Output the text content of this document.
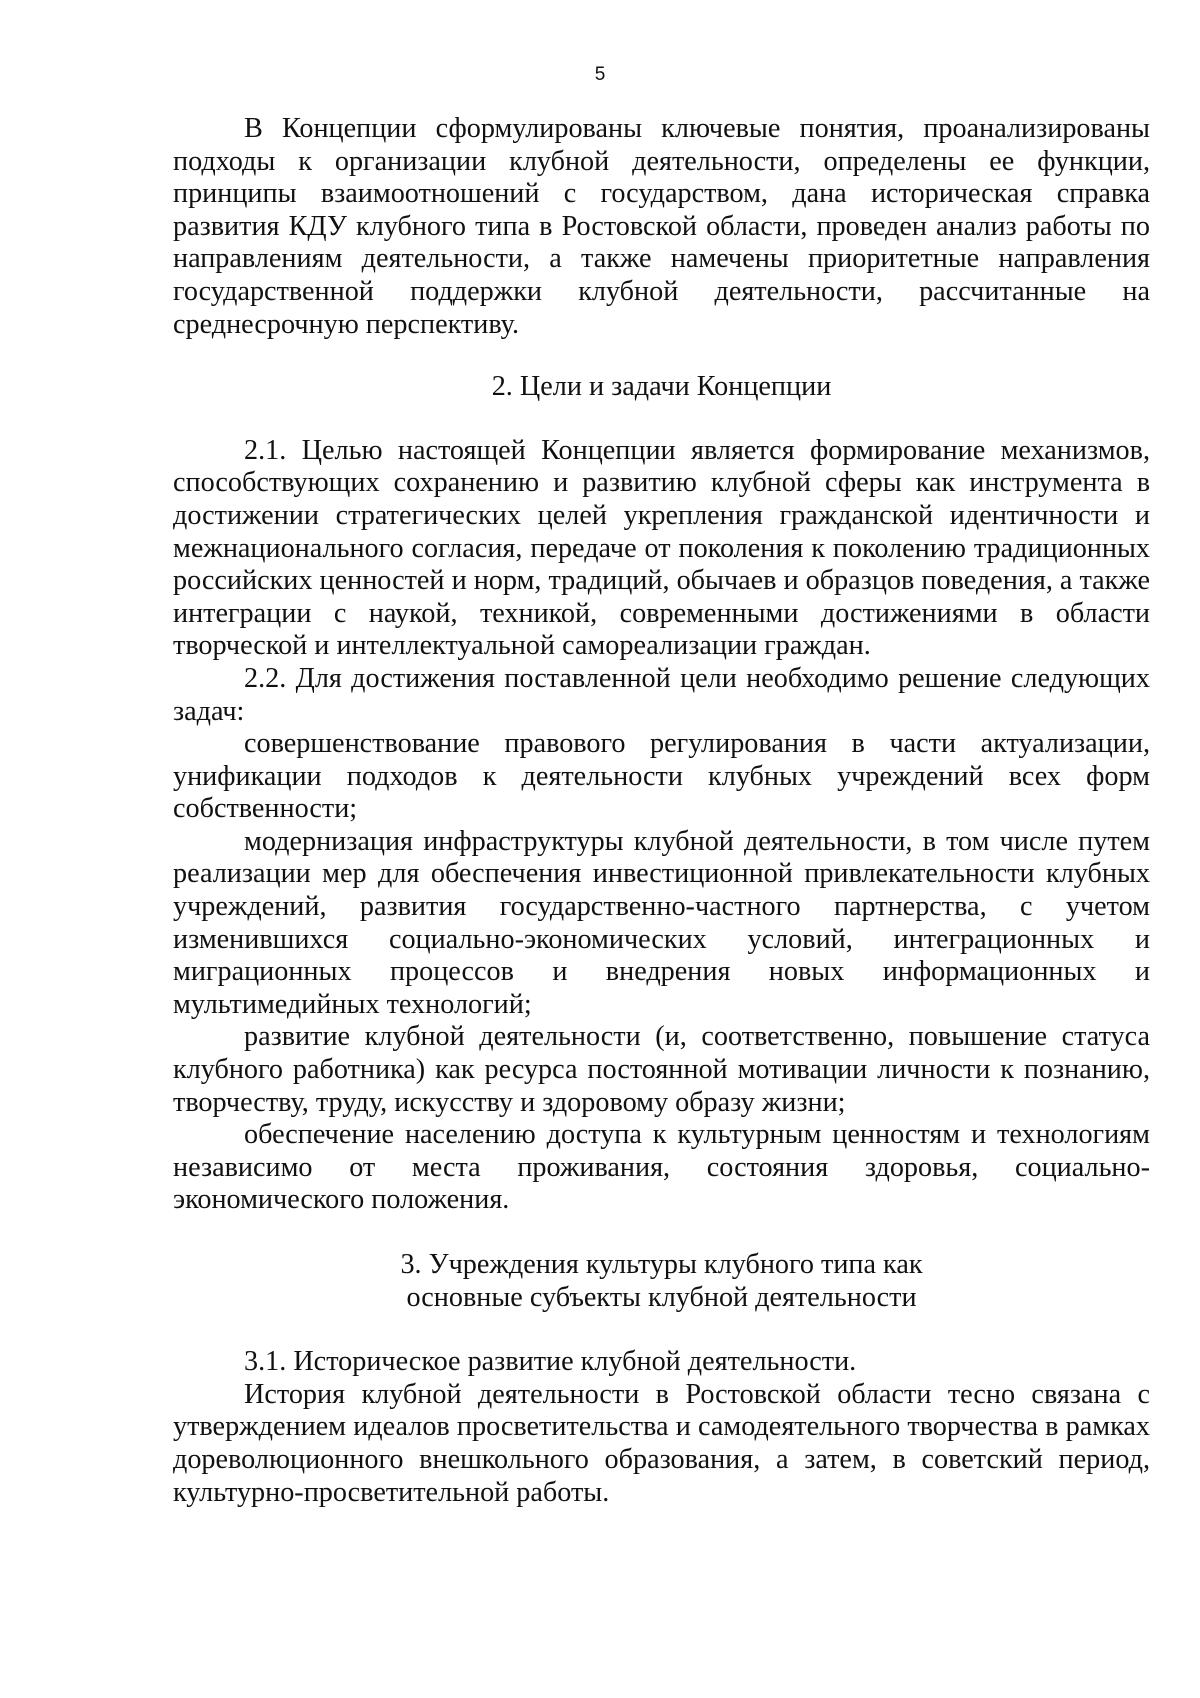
5

В Концепции сформулированы ключевые понятия, проанализированы подходы к организации клубной деятельности, определены ее функции, принципы взаимоотношений с государством, дана историческая справка развития КДУ клубного типа в Ростовской области, проведен анализ работы по направлениям деятельности, а также намечены приоритетные направления государственной поддержки клубной деятельности, рассчитанные на среднесрочную перспективу.

2. Цели и задачи Концепции

2.1. Целью настоящей Концепции является формирование механизмов, способствующих сохранению и развитию клубной сферы как инструмента в достижении стратегических целей укрепления гражданской идентичности и межнационального согласия, передаче от поколения к поколению традиционных российских ценностей и норм, традиций, обычаев и образцов поведения, а также интеграции с наукой, техникой, современными достижениями в области творческой и интеллектуальной самореализации граждан.

2.2. Для достижения поставленной цели необходимо решение следующих задач:

совершенствование правового регулирования в части актуализации, унификации подходов к деятельности клубных учреждений всех форм собственности;

модернизация инфраструктуры клубной деятельности, в том числе путем реализации мер для обеспечения инвестиционной привлекательности клубных учреждений, развития государственно-частного партнерства, с учетом изменившихся социально-экономических условий, интеграционных и миграционных процессов и внедрения новых информационных и мультимедийных технологий;

развитие клубной деятельности (и, соответственно, повышение статуса клубного работника) как ресурса постоянной мотивации личности к познанию, творчеству, труду, искусству и здоровому образу жизни;

обеспечение населению доступа к культурным ценностям и технологиям независимо от места проживания, состояния здоровья, социально-экономического положения.

3. Учреждения культуры клубного типа как

основные субъекты клубной деятельности

3.1. Историческое развитие клубной деятельности.

История клубной деятельности в Ростовской области тесно связана с утверждением идеалов просветительства и самодеятельного творчества в рамках дореволюционного внешкольного образования, а затем, в советский период, культурно-просветительной работы.
